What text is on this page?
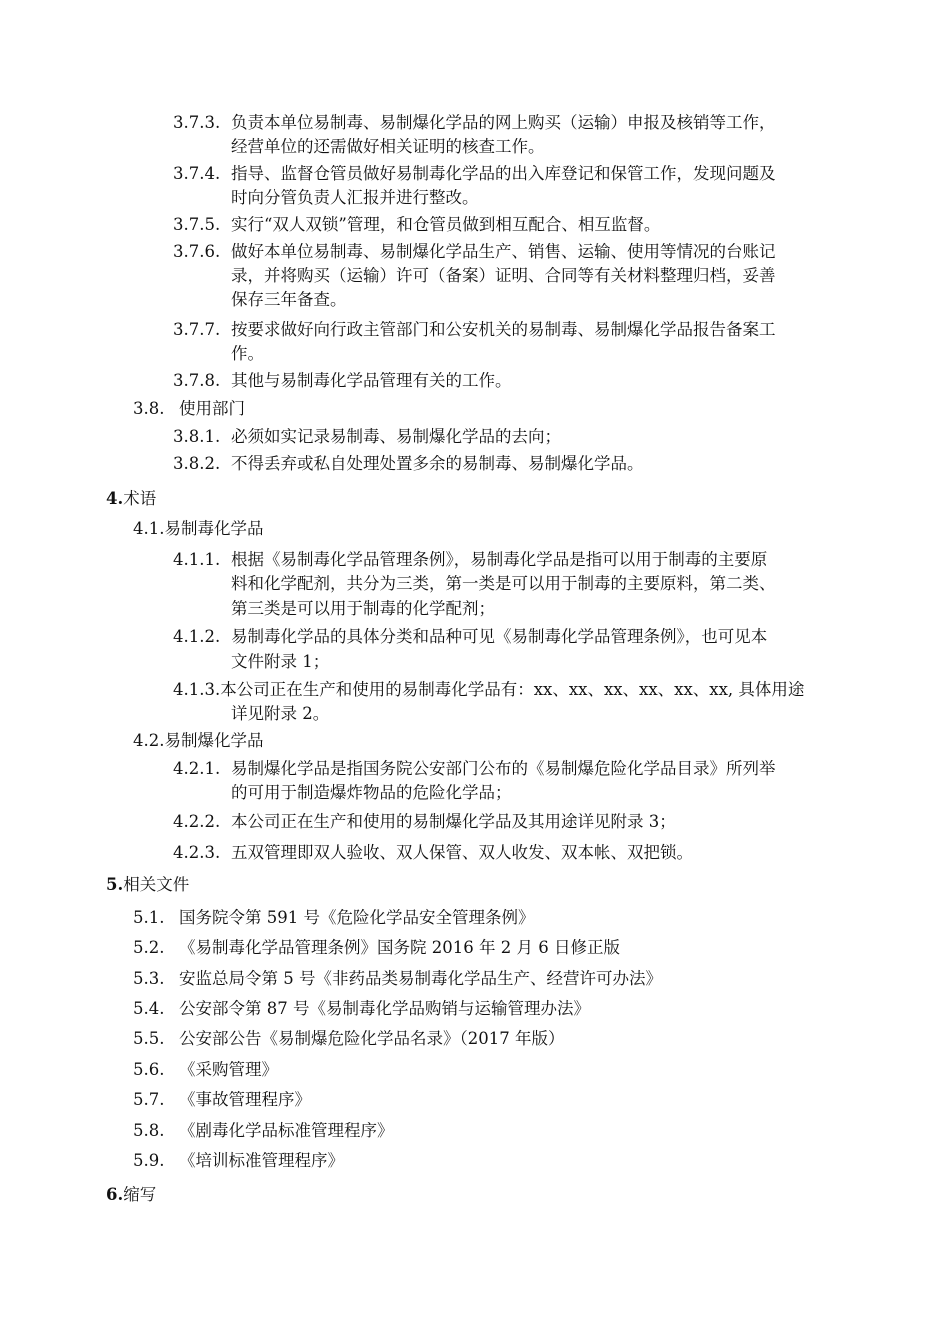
3.7.3. 负责本单位易制毒、易制爆化学品的网上购买（运输）申报及核销等工作，
经营单位的还需做好相关证明的核查工作。
3.7.4. 指导、监督仓管员做好易制毒化学品的出入库登记和保管工作，发现问题及
时向分管负责人汇报并进行整改。
3.7.5. 实行“双人双锁”管理，和仓管员做到相互配合、相互监督。
3.7.6. 做好本单位易制毒、易制爆化学品生产、销售、运输、使用等情况的台账记
录，并将购买（运输）许可（备案）证明、合同等有关材料整理归档，妥善
保存三年备查。
3.7.7. 按要求做好向行政主管部门和公安机关的易制毒、易制爆化学品报告备案工
作。
3.7.8. 其他与易制毒化学品管理有关的工作。
3.8. 使用部门
3.8.1. 必须如实记录易制毒、易制爆化学品的去向；
3.8.2. 不得丢弃或私自处理处置多余的易制毒、易制爆化学品。
4.术语
4.1.易制毒化学品
4.1.1. 根据《易制毒化学品管理条例》，易制毒化学品是指可以用于制毒的主要原
料和化学配剂，共分为三类，第一类是可以用于制毒的主要原料，第二类、
第三类是可以用于制毒的化学配剂；
4.1.2. 易制毒化学品的具体分类和品种可见《易制毒化学品管理条例》，也可见本
文件附录 1；
4.1.3.本公司正在生产和使用的易制毒化学品有：xx、xx、xx、xx、xx、xx, 具体用途
详见附录 2。
4.2.易制爆化学品
4.2.1. 易制爆化学品是指国务院公安部门公布的《易制爆危险化学品目录》所列举
的可用于制造爆炸物品的危险化学品；
4.2.2. 本公司正在生产和使用的易制爆化学品及其用途详见附录 3；
4.2.3. 五双管理即双人验收、双人保管、双人收发、双本帐、双把锁。
5.相关文件
5.1. 国务院令第 591 号《危险化学品安全管理条例》
5.2. 《易制毒化学品管理条例》国务院 2016 年 2 月 6 日修正版
5.3. 安监总局令第 5 号《非药品类易制毒化学品生产、经营许可办法》
5.4. 公安部令第 87 号《易制毒化学品购销与运输管理办法》
5.5. 公安部公告《易制爆危险化学品名录》（2017 年版）
5.6. 《采购管理》
5.7. 《事故管理程序》
5.8. 《剧毒化学品标准管理程序》
5.9. 《培训标准管理程序》
6.缩写
